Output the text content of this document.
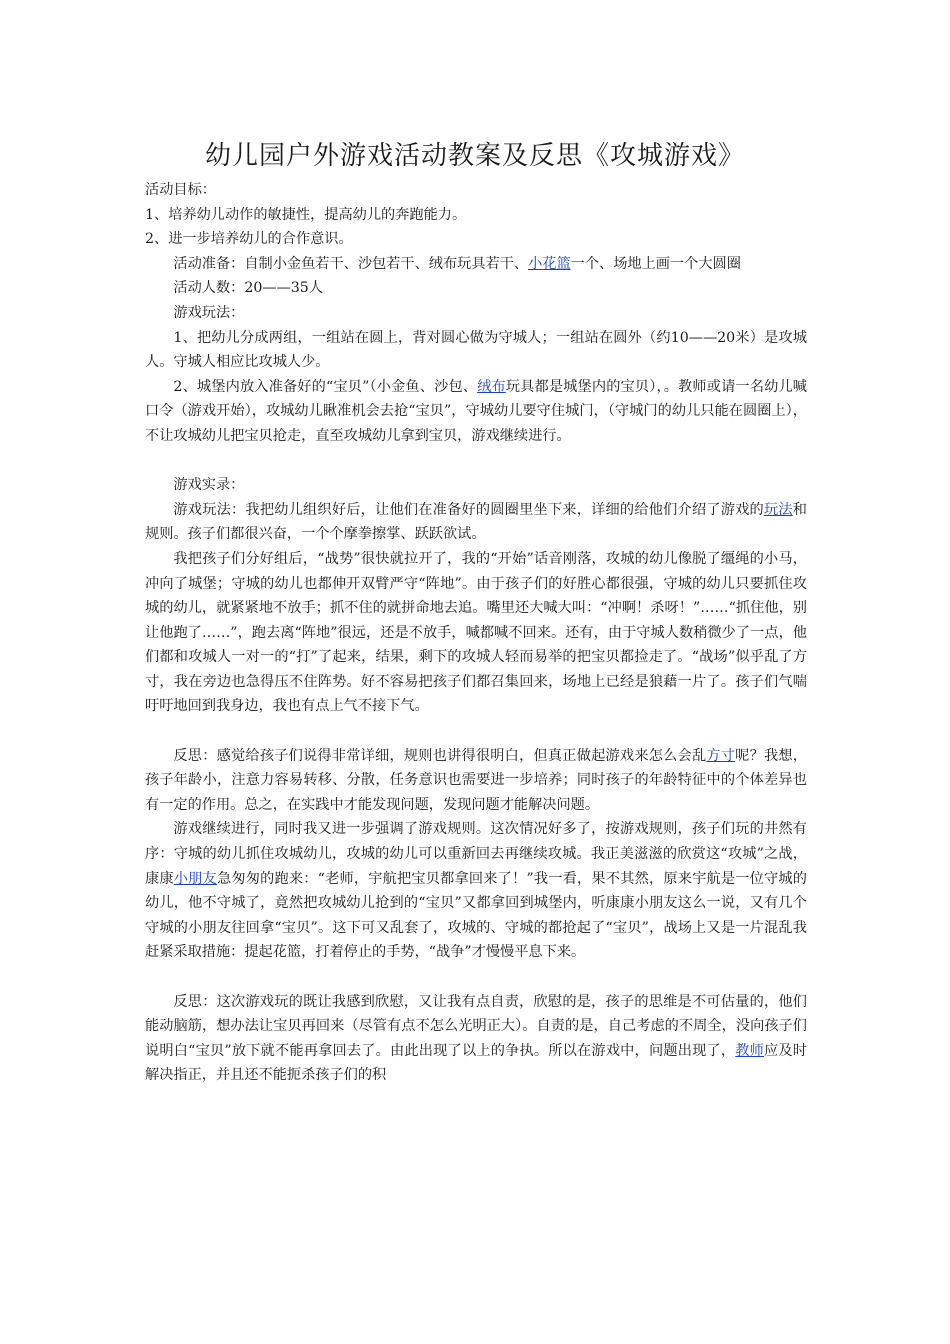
幼儿园户外游戏活动教案及反思《攻城游戏》

活动目标：

1、培养幼儿动作的敏捷性，提高幼儿的奔跑能力。

2、进一步培养幼儿的合作意识。

活动准备：自制小金鱼若干、沙包若干、绒布玩具若干、小花篮一个、场地上画一个大圆圈

活动人数：20——35人

游戏玩法：

1、把幼儿分成两组，一组站在圆上，背对圆心做为守城人；一组站在圆外（约10——20米）是攻城人。守城人相应比攻城人少。

2、城堡内放入准备好的“宝贝”（小金鱼、沙包、绒布玩具都是城堡内的宝贝），。教师或请一名幼儿喊口令（游戏开始），攻城幼儿瞅准机会去抢“宝贝”，守城幼儿要守住城门，（守城门的幼儿只能在圆圈上），不让攻城幼儿把宝贝抢走，直至攻城幼儿拿到宝贝，游戏继续进行。

游戏实录：

游戏玩法：我把幼儿组织好后，让他们在准备好的圆圈里坐下来，详细的给他们介绍了游戏的玩法和规则。孩子们都很兴奋，一个个摩拳擦掌、跃跃欲试。

我把孩子们分好组后，“战势”很快就拉开了，我的“开始”话音刚落，攻城的幼儿像脱了缰绳的小马，冲向了城堡；守城的幼儿也都伸开双臂严守“阵地”。由于孩子们的好胜心都很强，守城的幼儿只要抓住攻城的幼儿，就紧紧地不放手；抓不住的就拼命地去追。嘴里还大喊大叫：“冲啊！杀呀！”……“抓住他，别让他跑了……”，跑去离“阵地”很远，还是不放手，喊都喊不回来。还有，由于守城人数稍微少了一点，他们都和攻城人一对一的“打”了起来，结果，剩下的攻城人轻而易举的把宝贝都捡走了。“战场”似乎乱了方寸，我在旁边也急得压不住阵势。好不容易把孩子们都召集回来，场地上已经是狼藉一片了。孩子们气喘吁吁地回到我身边，我也有点上气不接下气。

反思：感觉给孩子们说得非常详细，规则也讲得很明白，但真正做起游戏来怎么会乱方寸呢？我想，孩子年龄小，注意力容易转移、分散，任务意识也需要进一步培养；同时孩子的年龄特征中的个体差异也有一定的作用。总之，在实践中才能发现问题，发现问题才能解决问题。

游戏继续进行，同时我又进一步强调了游戏规则。这次情况好多了，按游戏规则，孩子们玩的井然有序：守城的幼儿抓住攻城幼儿，攻城的幼儿可以重新回去再继续攻城。我正美滋滋的欣赏这“攻城”之战，康康小朋友急匆匆的跑来：“老师，宇航把宝贝都拿回来了！”我一看，果不其然，原来宇航是一位守城的幼儿，他不守城了，竟然把攻城幼儿抢到的“宝贝”又都拿回到城堡内，听康康小朋友这么一说，又有几个守城的小朋友往回拿“宝贝”。这下可又乱套了，攻城的、守城的都抢起了“宝贝”，战场上又是一片混乱我赶紧采取措施：提起花篮，打着停止的手势，“战争”才慢慢平息下来。

反思：这次游戏玩的既让我感到欣慰，又让我有点自责，欣慰的是，孩子的思维是不可估量的，他们能动脑筋，想办法让宝贝再回来（尽管有点不怎么光明正大）。自责的是，自己考虑的不周全，没向孩子们说明白“宝贝”放下就不能再拿回去了。由此出现了以上的争执。所以在游戏中，问题出现了，教师应及时解决指正，并且还不能扼杀孩子们的积
